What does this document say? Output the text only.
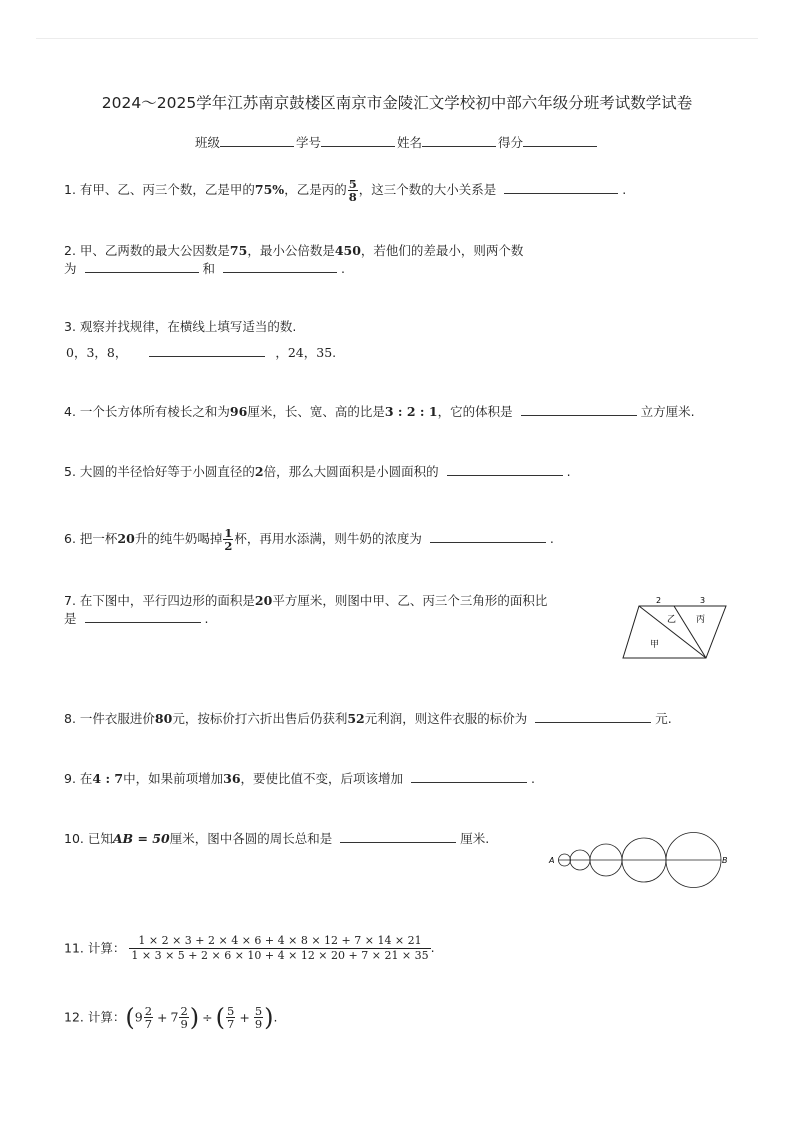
2024～2025学年江苏南京鼓楼区南京市金陵汇文学校初中部六年级分班考试数学试卷
班级	学号	姓名	得分
1. 有甲、乙、丙三个数，乙是甲的75%，乙是丙的 $\frac{5}{8}$ ，这三个数的大小关系是	.
2. 甲、乙两数的最大公因数是75，最小公倍数是450，若他们的差最小，则两个数
为	和	.
3. 观察并找规律，在横线上填写适当的数.
0，3，8，	，24，35.
4. 一个长方体所有棱长之和为96厘米，长、宽、高的比是3 : 2 : 1，它的体积是	立方厘米.
5. 大圆的半径恰好等于小圆直径的2倍，那么大圆面积是小圆面积的	.
6. 把一杯20升的纯牛奶喝掉 $\frac{1}{2}$ 杯，再用水添满，则牛奶的浓度为	.
7. 在下图中，平行四边形的面积是20平方厘米，则图中甲、乙、丙三个三角形的面积比
是	.
2	3
乙 丙
甲
8. 一件衣服进价80元，按标价打六折出售后仍获利52元利润，则这件衣服的标价为	元.
9. 在4 : 7中，如果前项增加36，要使比值不变，后项该增加	.
10. 已知AB = 50厘米，图中各圆的周长总和是	厘米.
A	B
11. 计算： $\frac{1 \times 2 \times 3 + 2 \times 4 \times 6 + 4 \times 8 \times 12 + 7 \times 14 \times 21}{1 \times 3 \times 5 + 2 \times 6 \times 10 + 4 \times 12 \times 20 + 7 \times 21 \times 35}$ .
12. 计算：($9 \frac{2}{7} + 7 \frac{2}{9}$ ) ÷ ( $\frac{5}{7} + \frac{5}{9}$ ).
